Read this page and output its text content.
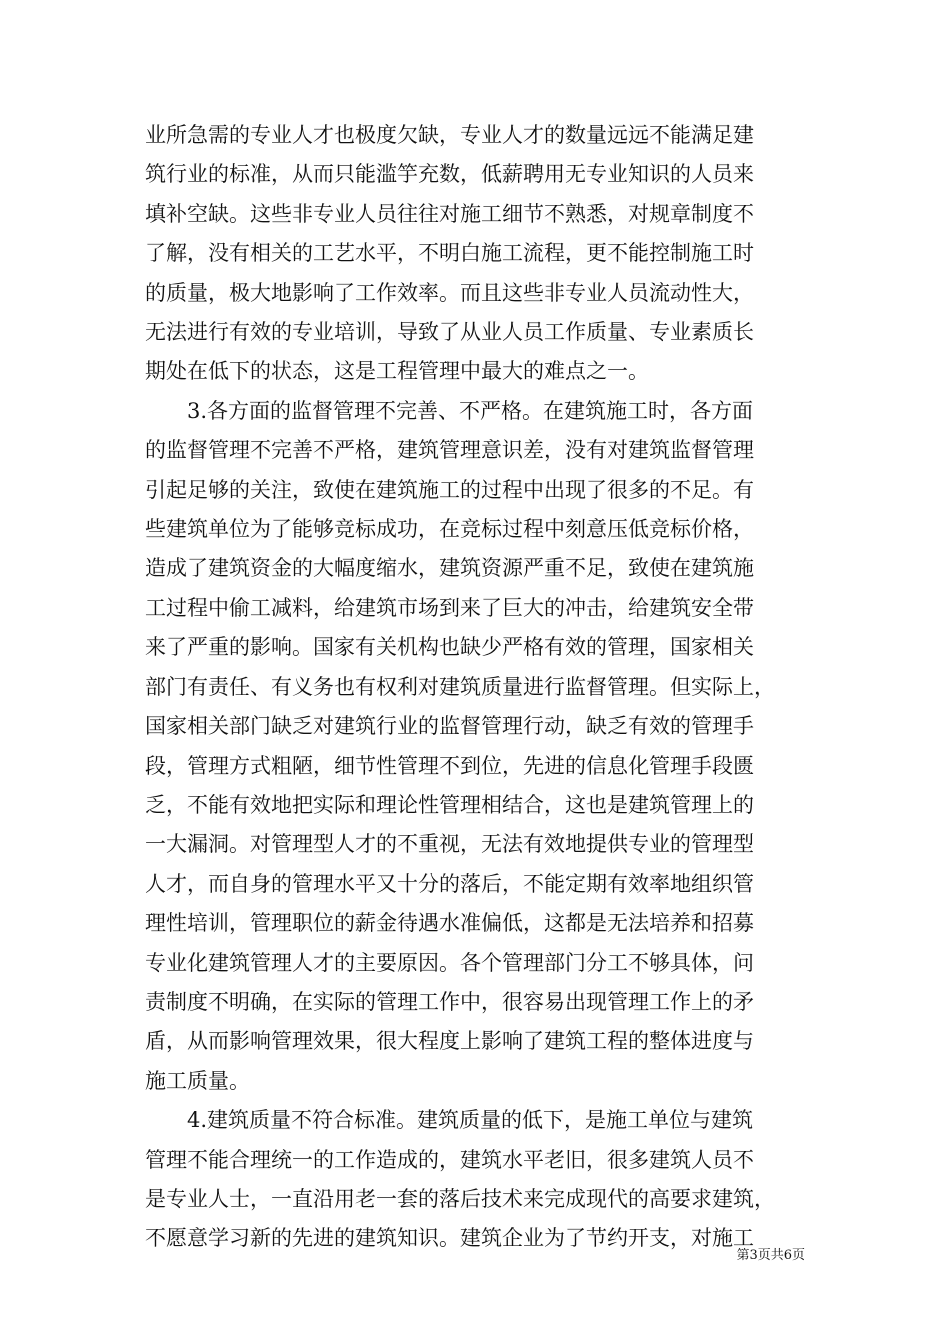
业所急需的专业人才也极度欠缺，专业人才的数量远远不能满足建
筑行业的标准，从而只能滥竽充数，低薪聘用无专业知识的人员来
填补空缺。这些非专业人员往往对施工细节不熟悉，对规章制度不
了解，没有相关的工艺水平，不明白施工流程，更不能控制施工时
的质量，极大地影响了工作效率。而且这些非专业人员流动性大，
无法进行有效的专业培训，导致了从业人员工作质量、专业素质长
期处在低下的状态，这是工程管理中最大的难点之一。
　　3.各方面的监督管理不完善、不严格。在建筑施工时，各方面
的监督管理不完善不严格，建筑管理意识差，没有对建筑监督管理
引起足够的关注，致使在建筑施工的过程中出现了很多的不足。有
些建筑单位为了能够竞标成功，在竞标过程中刻意压低竞标价格，
造成了建筑资金的大幅度缩水，建筑资源严重不足，致使在建筑施
工过程中偷工减料，给建筑市场到来了巨大的冲击，给建筑安全带
来了严重的影响。国家有关机构也缺少严格有效的管理，国家相关
部门有责任、有义务也有权利对建筑质量进行监督管理。但实际上，
国家相关部门缺乏对建筑行业的监督管理行动，缺乏有效的管理手
段，管理方式粗陋，细节性管理不到位，先进的信息化管理手段匮
乏，不能有效地把实际和理论性管理相结合，这也是建筑管理上的
一大漏洞。对管理型人才的不重视，无法有效地提供专业的管理型
人才，而自身的管理水平又十分的落后，不能定期有效率地组织管
理性培训，管理职位的薪金待遇水准偏低，这都是无法培养和招募
专业化建筑管理人才的主要原因。各个管理部门分工不够具体，问
责制度不明确，在实际的管理工作中，很容易出现管理工作上的矛
盾，从而影响管理效果，很大程度上影响了建筑工程的整体进度与
施工质量。
　　4.建筑质量不符合标准。建筑质量的低下，是施工单位与建筑
管理不能合理统一的工作造成的，建筑水平老旧，很多建筑人员不
是专业人士，一直沿用老一套的落后技术来完成现代的高要求建筑，
不愿意学习新的先进的建筑知识。建筑企业为了节约开支，对施工
第3页共6页
